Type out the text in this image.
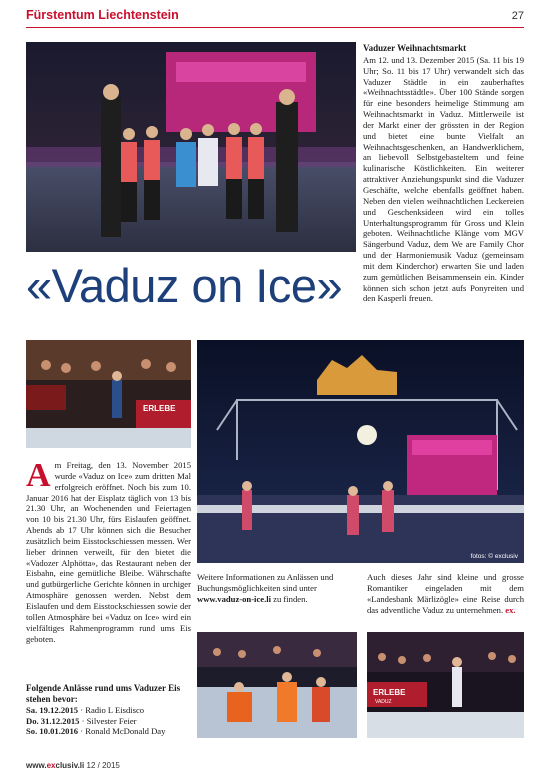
Fürstentum Liechtenstein	27
Vaduzer Weihnachtsmarkt
Am 12. und 13. Dezember 2015 (Sa. 11 bis 19 Uhr; So. 11 bis 17 Uhr) verwandelt sich das Vaduzer Städtle in ein zauberhaftes «Weihnachtsstädtle». Über 100 Stände sorgen für eine besonders heimelige Stimmung am Weihnachtsmarkt in Vaduz. Mittlerweile ist der Markt einer der grössten in der Region und bietet eine bunte Vielfalt an Weihnachtsgeschenken, an Handwerklichem, an liebevoll Selbstgebasteltem und feine kulinarische Köstlichkeiten. Ein weiterer attraktiver Anziehungspunkt sind die Vaduzer Geschäfte, welche ebenfalls geöffnet haben. Neben den vielen weihnachtlichen Leckereien und Geschenksideen wird ein tolles Unterhaltungsprogramm für Gross und Klein geboten. Weihnachtliche Klänge vom MGV Sängerbund Vaduz, dem We are Family Chor und der Harmoniemusik Vaduz (gemeinsam mit dem Kinderchor) erwarten Sie und laden zum gemütlichen Beisammensein ein. Kinder können sich schon jetzt aufs Ponyreiten und den Kasperli freuen.
«Vaduz on Ice»
ERLEBE
fotos: © exclusiv
A m Freitag, den 13. November 2015 wurde «Vaduz on Ice» zum dritten Mal erfolgreich eröffnet. Noch bis zum 10. Januar 2016 hat der Eisplatz täglich von 13 bis 21.30 Uhr, an Wochenenden und Feiertagen von 10 bis 21.30 Uhr, fürs Eislaufen geöffnet. Abends ab 17 Uhr können sich die Besucher zusätzlich beim Eisstockschiessen messen. Wer lieber drinnen verweilt, für den bietet die «Vadozer Alphötta», das Restaurant neben der Eisbahn, eine gemütliche Bleibe. Währschafte und gutbürgerliche Gerichte können in urchiger Atmosphäre genossen werden. Nebst dem Eislaufen und dem Eisstockschiessen sowie der tollen Atmosphäre bei «Vaduz on Ice» wird ein vielfältiges Rahmenprogramm rund ums Eis geboten.
Folgende Anlässe rund ums Vaduzer Eis stehen bevor:
Sa. 19.12.2015 · Radio L Eisdisco
Do. 31.12.2015 · Silvester Feier
So. 10.01.2016 · Ronald McDonald Day
Weitere Informationen zu Anlässen und Buchungsmöglichkeiten sind unter www.vaduz-on-ice.li zu finden.
Auch dieses Jahr sind kleine und grosse Romantiker eingeladen mit dem «Landesbank Märlizögle» eine Reise durch das adventliche Vaduz zu unternehmen. ex.
ERLEBE
VADUZ
www.exclusiv.li 12 / 2015
